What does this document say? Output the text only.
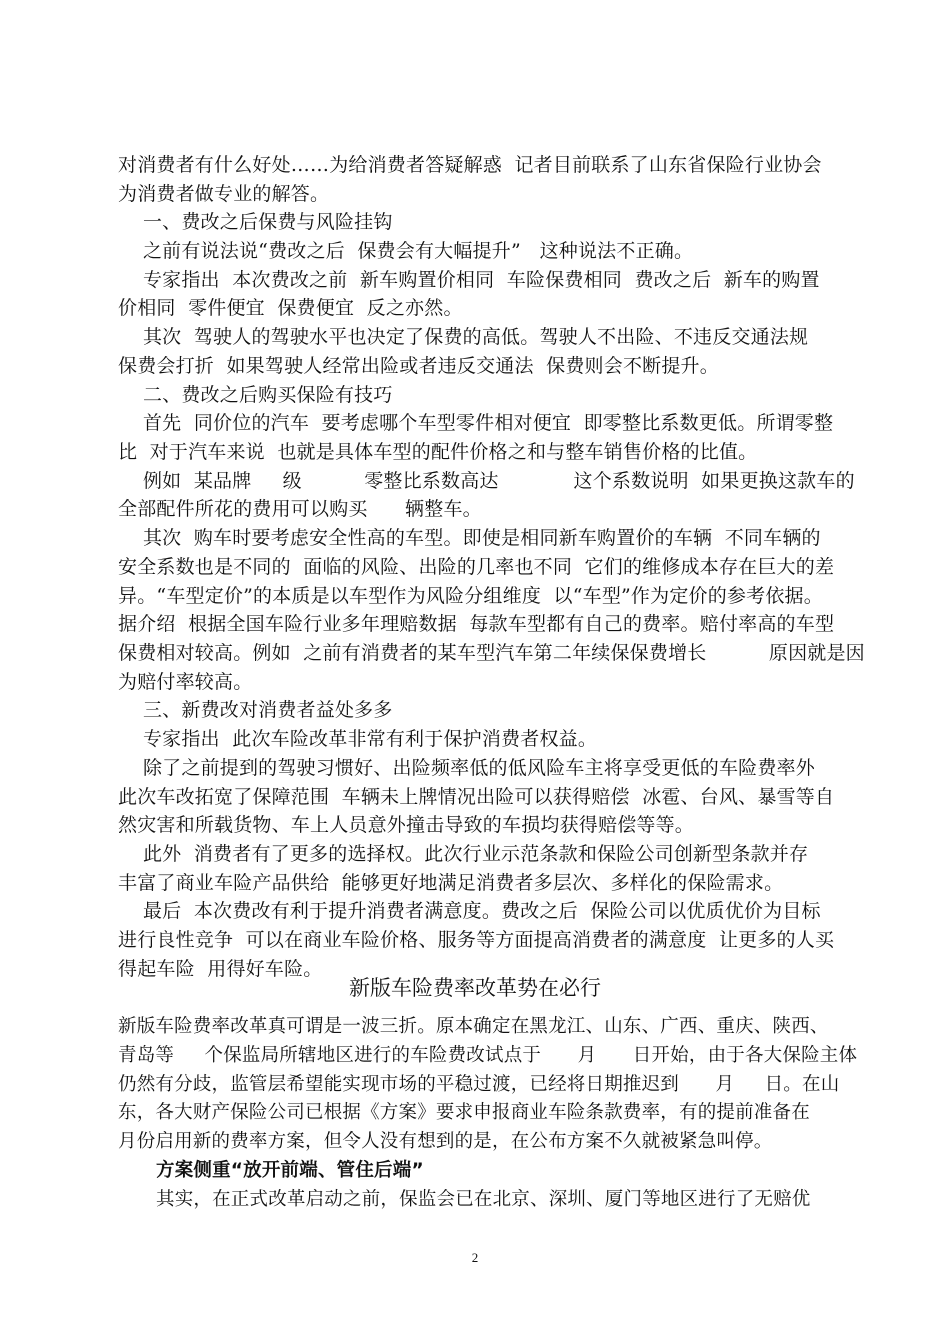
对消费者有什么好处……为给消费者答疑解惑  记者目前联系了山东省保险行业协会
为消费者做专业的解答。
一、费改之后保费与风险挂钩
之前有说法说“费改之后  保费会有大幅提升”   这种说法不正确。
专家指出  本次费改之前  新车购置价相同  车险保费相同  费改之后  新车的购置
价相同  零件便宜  保费便宜  反之亦然。
其次  驾驶人的驾驶水平也决定了保费的高低。驾驶人不出险、不违反交通法规
保费会打折  如果驾驶人经常出险或者违反交通法  保费则会不断提升。
二、费改之后购买保险有技巧
首先  同价位的汽车  要考虑哪个车型零件相对便宜  即零整比系数更低。所谓零整
比  对于汽车来说  也就是具体车型的配件价格之和与整车销售价格的比值。
例如  某品牌     级          零整比系数高达            这个系数说明  如果更换这款车的
全部配件所花的费用可以购买      辆整车。
其次  购车时要考虑安全性高的车型。即使是相同新车购置价的车辆  不同车辆的
安全系数也是不同的  面临的风险、出险的几率也不同  它们的维修成本存在巨大的差
异。“车型定价”的本质是以车型作为风险分组维度  以“车型”作为定价的参考依据。
据介绍  根据全国车险行业多年理赔数据  每款车型都有自己的费率。赔付率高的车型
保费相对较高。例如  之前有消费者的某车型汽车第二年续保保费增长          原因就是因
为赔付率较高。
三、新费改对消费者益处多多
专家指出  此次车险改革非常有利于保护消费者权益。
除了之前提到的驾驶习惯好、出险频率低的低风险车主将享受更低的车险费率外
此次车改拓宽了保障范围  车辆未上牌情况出险可以获得赔偿  冰雹、台风、暴雪等自
然灾害和所载货物、车上人员意外撞击导致的车损均获得赔偿等等。
此外  消费者有了更多的选择权。此次行业示范条款和保险公司创新型条款并存
丰富了商业车险产品供给  能够更好地满足消费者多层次、多样化的保险需求。
最后  本次费改有利于提升消费者满意度。费改之后  保险公司以优质优价为目标
进行良性竞争  可以在商业车险价格、服务等方面提高消费者的满意度  让更多的人买
得起车险  用得好车险。
新版车险费率改革势在必行
新版车险费率改革真可谓是一波三折。原本确定在黑龙江、山东、广西、重庆、陕西、
青岛等     个保监局所辖地区进行的车险费改试点于      月      日开始，由于各大保险主体
仍然有分歧，监管层希望能实现市场的平稳过渡，已经将日期推迟到      月     日。在山
东，各大财产保险公司已根据《方案》要求申报商业车险条款费率，有的提前准备在
月份启用新的费率方案，但令人没有想到的是，在公布方案不久就被紧急叫停。
方案侧重“放开前端、管住后端”
其实，在正式改革启动之前，保监会已在北京、深圳、厦门等地区进行了无赔优
2
